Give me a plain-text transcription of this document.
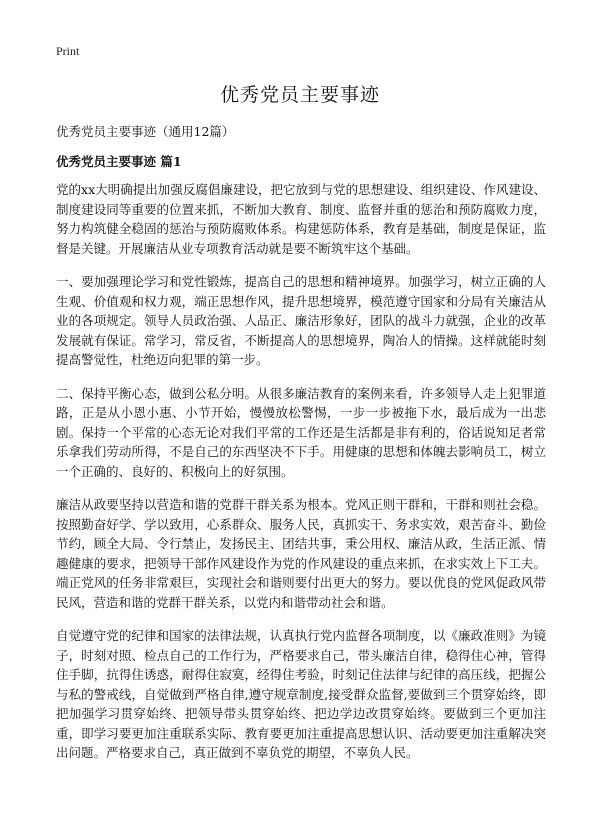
Print
优秀党员主要事迹

优秀党员主要事迹（通用12篇）

优秀党员主要事迹 篇1

党的xx大明确提出加强反腐倡廉建设，把它放到与党的思想建设、组织建设、作风建设、制度建设同等重要的位置来抓，不断加大教育、制度、监督并重的惩治和预防腐败力度，努力构筑健全稳固的惩治与预防腐败体系。构建惩防体系，教育是基础，制度是保证，监督是关键。开展廉洁从业专项教育活动就是要不断筑牢这个基础。

一、要加强理论学习和党性锻炼，提高自己的思想和精神境界。加强学习，树立正确的人生观、价值观和权力观，端正思想作风，提升思想境界，模范遵守国家和分局有关廉洁从业的各项规定。领导人员政治强、人品正、廉洁形象好，团队的战斗力就强，企业的改革发展就有保证。常学习，常反省，不断提高人的思想境界，陶冶人的情操。这样就能时刻提高警觉性，杜绝迈向犯罪的第一步。

二、保持平衡心态，做到公私分明。从很多廉洁教育的案例来看，许多领导人走上犯罪道路，正是从小恩小惠、小节开始，慢慢放松警惕，一步一步被拖下水，最后成为一出悲剧。保持一个平常的心态无论对我们平常的工作还是生活都是非有利的，俗话说知足者常乐拿我们劳动所得，不是自己的东西坚决不下手。用健康的思想和体魄去影响员工，树立一个正确的、良好的、积极向上的好氛围。

廉洁从政要坚持以营造和谐的党群干群关系为根本。党风正则干群和，干群和则社会稳。按照勤奋好学、学以致用，心系群众、服务人民，真抓实干、务求实效，艰苦奋斗、勤俭节约，顾全大局、令行禁止，发扬民主、团结共事，秉公用权、廉洁从政，生活正派、情趣健康的要求，把领导干部作风建设作为党的作风建设的重点来抓，在求实效上下工夫。端正党风的任务非常艰巨，实现社会和谐则要付出更大的努力。要以优良的党风促政风带民风，营造和谐的党群干群关系，以党内和谐带动社会和谐。

自觉遵守党的纪律和国家的法律法规，认真执行党内监督各项制度，以《廉政准则》为镜子，时刻对照、检点自己的工作行为，严格要求自己，带头廉洁自律，稳得住心神，管得住手脚，抗得住诱惑，耐得住寂寞，经得住考验，时刻记住法律与纪律的高压线，把握公与私的警戒线，自觉做到严格自律,遵守规章制度,接受群众监督,要做到三个贯穿始终，即把加强学习贯穿始终、把领导带头贯穿始终、把边学边改贯穿始终。要做到三个更加注重，即学习要更加注重联系实际、教育要更加注重提高思想认识、活动要更加注重解决突出问题。严格要求自己，真正做到不辜负党的期望，不辜负人民。
